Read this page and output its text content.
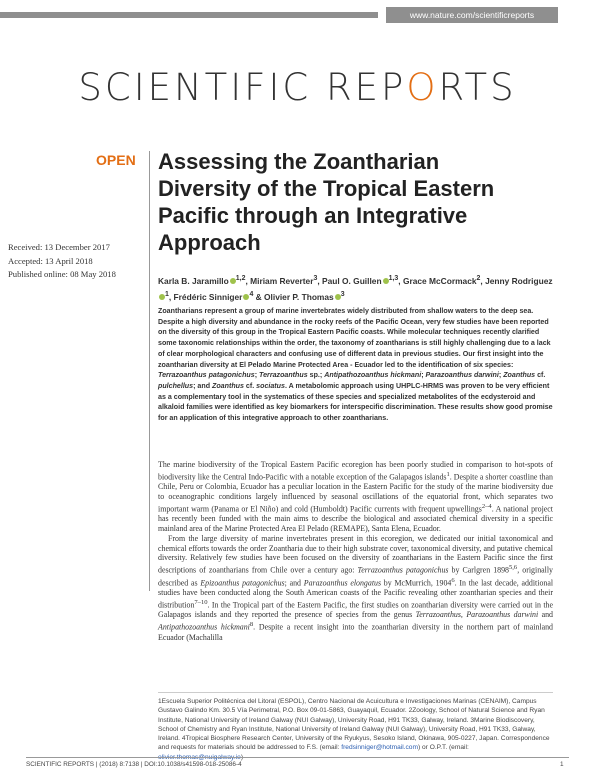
www.nature.com/scientificreports
SCIENTIFIC REPORTS
OPEN Assessing the Zoantharian Diversity of the Tropical Eastern Pacific through an Integrative Approach
Received: 13 December 2017
Accepted: 13 April 2018
Published online: 08 May 2018
Karla B. Jaramillo $^{1,2}$, Miriam Reverter$^3$, Paul O. Guillen $^{1,3}$, Grace McCormack$^2$, Jenny Rodriguez$^1$, Frédéric Sinniger $^4$ & Olivier P. Thomas $^3$

Zoantharians represent a group of marine invertebrates widely distributed from shallow waters to the deep sea. Despite a high diversity and abundance in the rocky reefs of the Pacific Ocean, very few studies have been reported on the diversity of this group in the Tropical Eastern Pacific coasts. While molecular techniques recently clarified some taxonomic relationships within the order, the taxonomy of zoantharians is still highly challenging due to a lack of clear morphological characters and confusing use of different data in previous studies. Our first insight into the zoantharian diversity at El Pelado Marine Protected Area - Ecuador led to the identification of six species: Terrazoanthus patagonichus; Terrazoanthus sp.; Antipathozoanthus hickmani; Parazoanthus darwini; Zoanthus cf. pulchellus; and Zoanthus cf. sociatus. A metabolomic approach using UHPLC-HRMS was proven to be very efficient as a complementary tool in the systematics of these species and specialized metabolites of the ecdysteroid and alkaloid families were identified as key biomarkers for interspecific discrimination. These results show good promise for an application of this integrative approach to other zoantharians.

The marine biodiversity of the Tropical Eastern Pacific ecoregion has been poorly studied in comparison to hot-spots of biodiversity like the Central Indo-Pacific with a notable exception of the Galapagos islands$^1$. Despite a shorter coastline than Chile, Peru or Colombia, Ecuador has a peculiar location in the Eastern Pacific for the study of the marine biodiversity due to oceanographic conditions largely influenced by seasonal oscillations of the equatorial front, which separates two important warm (Panama or El Niño) and cold (Humboldt) Pacific currents with frequent upwellings$^{2-4}$. A national project has recently been funded with the main aims to describe the biological and associated chemical diversity in a specific mainland area of the Marine Protected Area El Pelado (REMAPE), Santa Elena, Ecuador.

From the large diversity of marine invertebrates present in this ecoregion, we dedicated our initial taxonomical and chemical efforts towards the order Zoantharia due to their high substrate cover, taxonomical diversity, and putative chemical diversity. Relatively few studies have been focused on the diversity of zoantharians in the Eastern Pacific since the first descriptions of zoantharians from Chile over a century ago: Terrazoanthus patagonichus by Carlgren 1898$^{5,6}$, originally described as Epizoanthus patagonichus; and Parazoanthus elongatus by McMurrich, 1904$^6$. In the last decade, additional studies have been conducted along the South American coasts of the Pacific revealing other zoantharian species and their distribution$^{7-10}$. In the Tropical part of the Eastern Pacific, the first studies on zoantharian diversity were carried out in the Galapagos islands and they reported the presence of species from the genus Terrazoanthus, Parazoanthus darwini and Antipathozoanthus hickmani$^8$. Despite a recent insight into the zoantharian diversity in the northern part of mainland Ecuador (Machalilla

1Escuela Superior Politécnica del Litoral (ESPOL), Centro Nacional de Acuicultura e Investigaciones Marinas (CENAIM), Campus Gustavo Galindo Km. 30.5 Vía Perimetral, P.O. Box 09-01-5863, Guayaquil, Ecuador. 2Zoology, School of Natural Science and Ryan Institute, National University of Ireland Galway (NUI Galway), University Road, H91 TK33, Galway, Ireland. 3Marine Biodiscovery, School of Chemistry and Ryan Institute, National University of Ireland Galway (NUI Galway), University Road, H91 TK33, Galway, Ireland. 4Tropical Biosphere Research Center, University of the Ryukyus, Sesoko Island, Okinawa, 905-0227, Japan. Correspondence and requests for materials should be addressed to F.S. (email: fredsinniger@hotmail.com) or O.P.T. (email:

SCIENTIFIC REPORTS | (2018) 8:7138 | DOI:10.1038/s41598-018-25086-4	1
